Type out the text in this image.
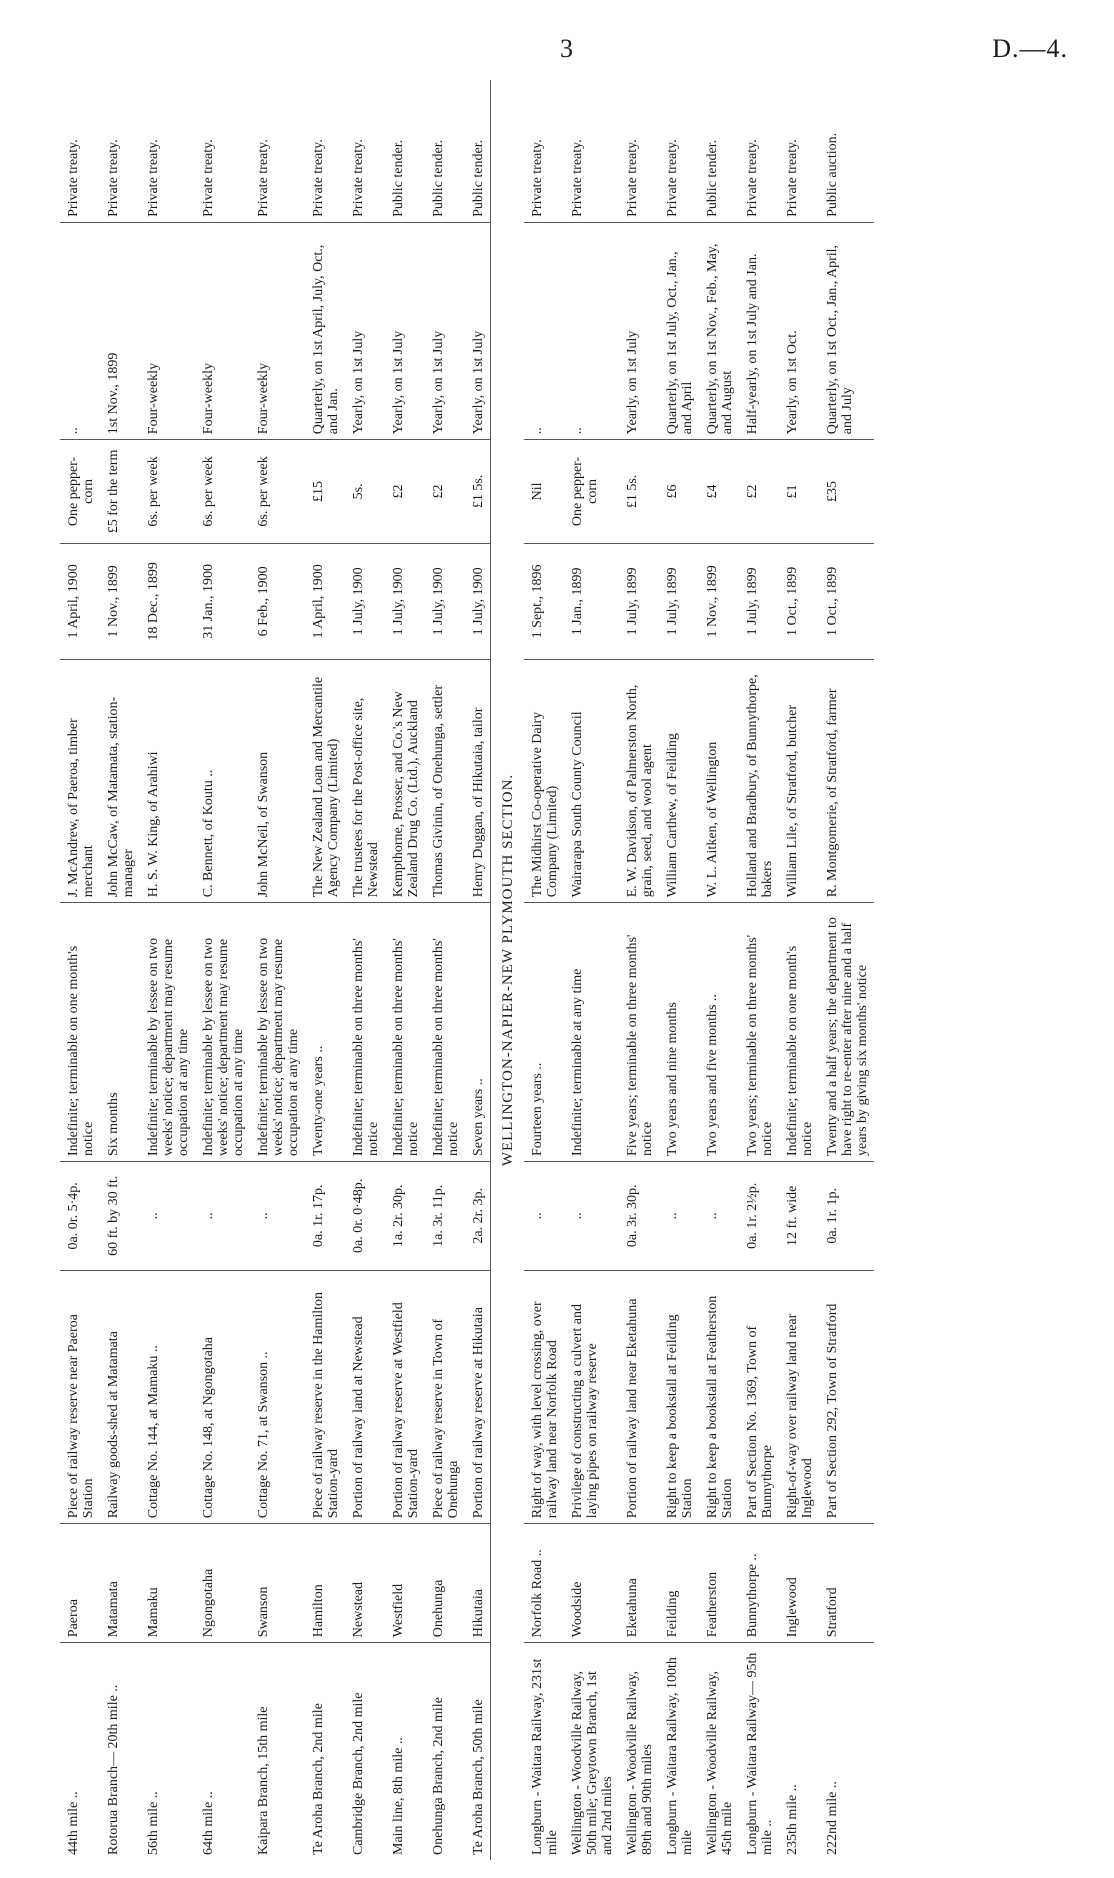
3	D.—4.
44th mile ..	Paeroa	Piece of railway reserve near Paeroa Station	0a. 0r. 5·4p.	Indefinite; terminable on one month's notice	J. McAndrew, of Paeroa, timber merchant	1 April, 1900	One pepper-corn	..	Private treaty.
Rotorua Branch— 20th mile ..	Matamata	Railway goods-shed at Matamata	60 ft. by 30 ft.	Six months	John McCaw, of Matamata, station-manager	1 Nov., 1899	£5 for the term	1st Nov., 1899	Private treaty.
56th mile ..	Mamaku	Cottage No. 144, at Mamaku ..	..	Indefinite; terminable by lessee on two weeks' notice; department may resume occupation at any time	H. S. W. King, of Arahiwi	18 Dec., 1899	6s. per week	Four-weekly	Private treaty.
64th mile ..	Ngongotaha	Cottage No. 148, at Ngongotaha	..	Indefinite; terminable by lessee on two weeks' notice; department may resume occupation at any time	C. Bennett, of Koutu ..	31 Jan., 1900	6s. per week	Four-weekly	Private treaty.
Kaipara Branch, 15th mile	Swanson	Cottage No. 71, at Swanson ..	..	Indefinite; terminable by lessee on two weeks' notice; department may resume occupation at any time	John McNeil, of Swanson	6 Feb., 1900	6s. per week	Four-weekly	Private treaty.
Te Aroha Branch, 2nd mile	Hamilton	Piece of railway reserve in the Hamilton Station-yard	0a. 1r. 17p.	Twenty-one years ..	The New Zealand Loan and Mercantile Agency Company (Limited)	1 April, 1900	£15	Quarterly, on 1st April, July, Oct., and Jan.	Private treaty.
Cambridge Branch, 2nd mile	Newstead	Portion of railway land at Newstead	0a. 0r. 0·48p.	Indefinite; terminable on three months' notice	The trustees for the Post-office site, Newstead	1 July, 1900	5s.	Yearly, on 1st July	Private treaty.
Main line, 8th mile ..	Westfield	Portion of railway reserve at Westfield Station-yard	1a. 2r. 30p.	Indefinite; terminable on three months' notice	Kempthorne, Prosser, and Co.'s New Zealand Drug Co. (Ltd.), Auckland	1 July, 1900	£2	Yearly, on 1st July	Public tender.
Onehunga Branch, 2nd mile	Onehunga	Piece of railway reserve in Town of Onehunga	1a. 3r. 11p.	Indefinite; terminable on three months' notice	Thomas Givinin, of Onehunga, settler	1 July, 1900	£2	Yearly, on 1st July	Public tender.
Te Aroha Branch, 50th mile	Hikutaia	Portion of railway reserve at Hikutaia	2a. 2r. 3p.	Seven years ..	Henry Duggan, of Hikutaia, tailor	1 July, 1900	£1 5s.	Yearly, on 1st July	Public tender.
WELLINGTON-NAPIER-NEW PLYMOUTH SECTION.									
Longburn - Waitara Railway, 231st mile	Norfolk Road ..	Right of way, with level crossing, over railway land near Norfolk Road	..	Fourteen years ..	The Midhirst Co-operative Dairy Company (Limited)	1 Sept., 1896	Nil	..	Private treaty.
Wellington - Woodville Railway, 50th mile; Greytown Branch, 1st and 2nd miles	Woodside	Privilege of constructing a culvert and laying pipes on railway reserve	..	Indefinite; terminable at any time	Wairarapa South County Council	1 Jan., 1899	One pepper-corn	..	Private treaty.
Wellington - Woodville Railway, 89th and 90th miles	Eketahuna	Portion of railway land near Eketahuna	0a. 3r. 30p.	Five years; terminable on three months' notice	E. W. Davidson, of Palmerston North, grain, seed, and wool agent	1 July, 1899	£1 5s.	Yearly, on 1st July	Private treaty.
Longburn - Waitara Railway, 100th mile	Feilding	Right to keep a bookstall at Feilding Station	..	Two years and nine months	William Carthew, of Feilding	1 July, 1899	£6	Quarterly, on 1st July, Oct., Jan., and April	Private treaty.
Wellington - Woodville Railway, 45th mile	Featherston	Right to keep a bookstall at Featherston Station	..	Two years and five months ..	W. L. Aitken, of Wellington	1 Nov., 1899	£4	Quarterly, on 1st Nov., Feb., May, and August	Public tender.
Longburn - Waitara Railway— 95th mile ..	Bunnythorpe ..	Part of Section No. 1369, Town of Bunnythorpe	0a. 1r. 2½p.	Two years; terminable on three months' notice	Holland and Bradbury, of Bunnythorpe, bakers	1 July, 1899	£2	Half-yearly, on 1st July and Jan.	Private treaty.
235th mile ..	Inglewood	Right-of-way over railway land near Inglewood	12 ft. wide	Indefinite; terminable on one month's notice	William Lile, of Stratford, butcher	1 Oct., 1899	£1	Yearly, on 1st Oct.	Private treaty.
222nd mile ..	Stratford	Part of Section 292, Town of Stratford	0a. 1r. 1p.	Twenty and a half years; the department to have right to re-enter after nine and a half years by giving six months' notice	R. Montgomerie, of Stratford, farmer	1 Oct., 1899	£35	Quarterly, on 1st Oct., Jan., April, and July	Public auction.
